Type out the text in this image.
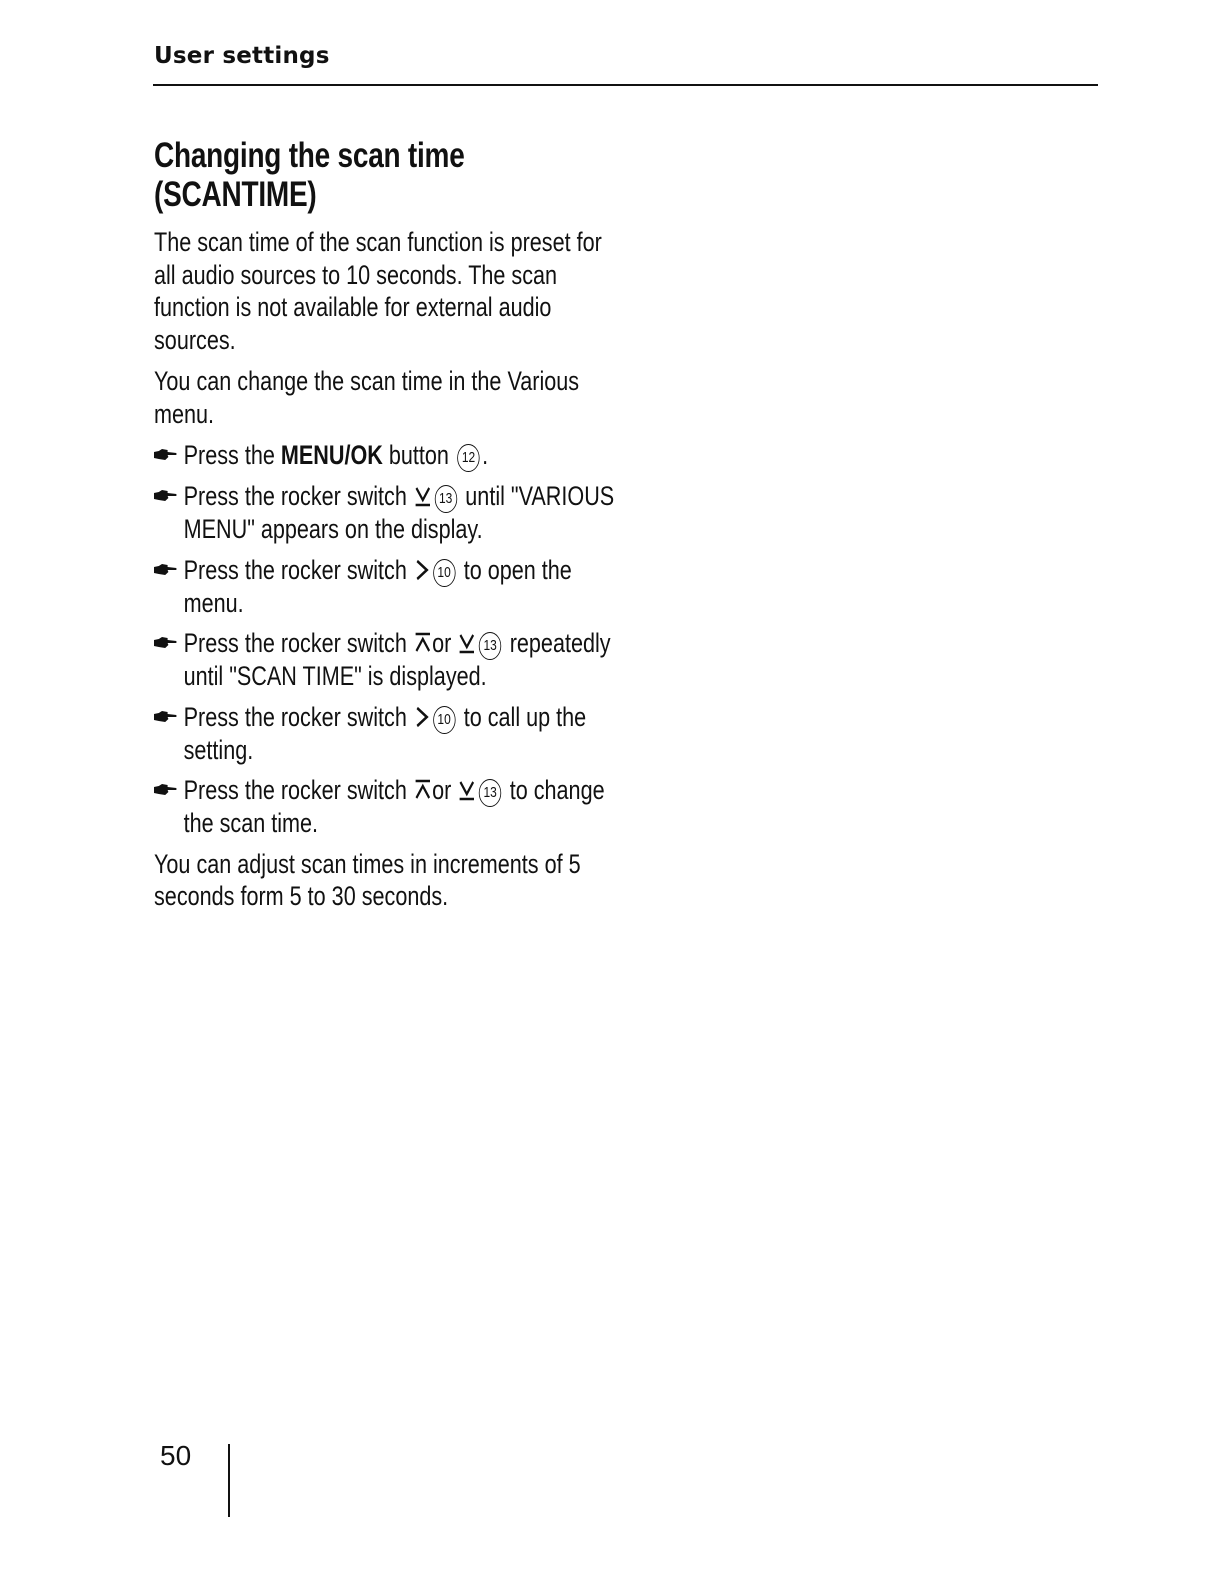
User settings
Changing the scan time
(SCANTIME)

The scan time of the scan function is preset for all audio sources to 10 seconds. The scan function is not available for external audio sources.

You can change the scan time in the Various menu.

Press the MENU/OK button 12 .
Press the rocker switch 13 until "VARIOUS MENU" appears on the display.
Press the rocker switch 10 to open the menu.
Press the rocker switch or 13 repeatedly until "SCAN TIME" is displayed.
Press the rocker switch 10 to call up the setting.
Press the rocker switch or 13 to change the scan time.

You can adjust scan times in increments of 5 seconds form 5 to 30 seconds.

50
